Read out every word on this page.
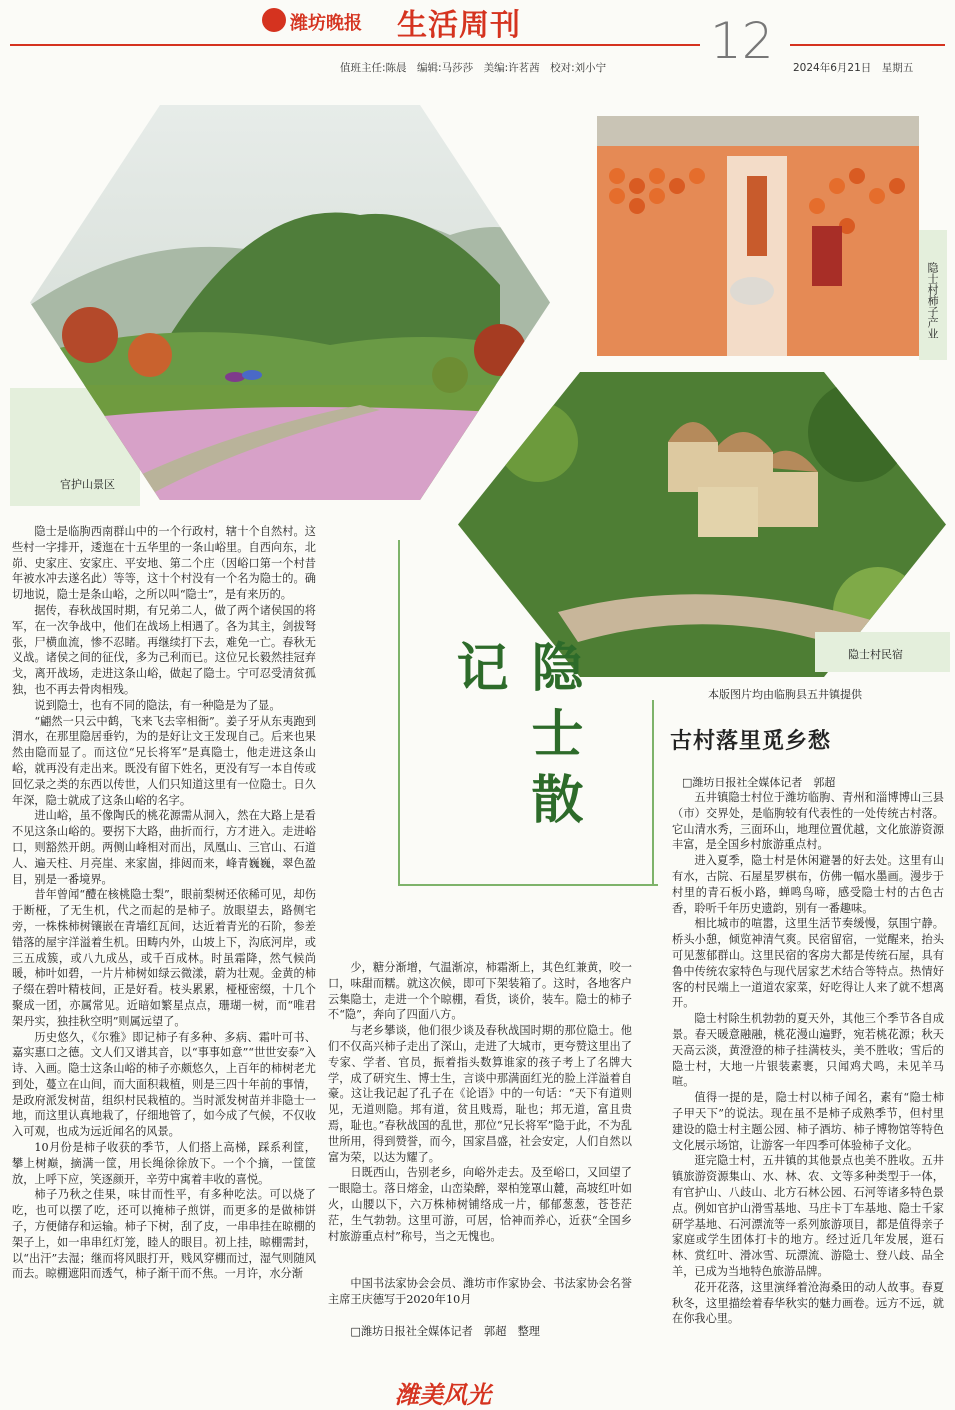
潍坊晚报 生活周刊	12
值班主任:陈晨　编辑:马莎莎　美编:许茗茜　校对:刘小宁	2024年6月21日　星期五
官护山景区
隐士村柿子产业
隐士村民宿
本版图片均由临朐县五井镇提供
隐士散记

隐士是临朐西南群山中的一个行政村，辖十个自然村。这些村一字排开，逶迤在十五华里的一条山峪里。自西向东，北峁、史家庄、安家庄、平安地、第二个庄（因峪口第一个村昔年被水冲去遂名此）等等，这十个村没有一个名为隐士的。确切地说，隐士是条山峪，之所以叫“隐士”，是有来历的。

据传，春秋战国时期，有兄弟二人，做了两个诸侯国的将军，在一次争战中，他们在战场上相遇了。各为其主，剑拔弩张，尸横血流，惨不忍睹。再继续打下去，难免一亡。春秋无义战。诸侯之间的征伐，多为己利而已。这位兄长毅然挂冠弃戈，离开战场，走进这条山峪，做起了隐士。宁可忍受清贫孤独，也不再去骨肉相残。

说到隐士，也有不同的隐法，有一种隐是为了显。

“翩然一只云中鹤，飞来飞去宰相衙”。姜子牙从东夷跑到渭水，在那里隐居垂钓，为的是好让文王发现自己。后来也果然由隐而显了。而这位“兄长将军”是真隐士，他走进这条山峪，就再没有走出来。既没有留下姓名，更没有写一本自传或回忆录之类的东西以传世，人们只知道这里有一位隐士。日久年深，隐士就成了这条山峪的名字。

进山峪，虽不像陶氏的桃花源需从洞入，然在大路上是看不见这条山峪的。要拐下大路，曲折而行，方才进入。走进峪口，则豁然开朗。两侧山峰相对而出，凤凰山、三官山、石道人、遍天柱、月亮崖、来家崮，排闼而来，峰青巍巍，翠色盈目，别是一番境界。

昔年曾闻“醴在核桃隐士梨”，眼前梨树还依稀可见，却伤于断桠，了无生机，代之而起的是柿子。放眼望去，路侧宅旁，一株株柿树镶嵌在青墙红瓦间，达近着青光的石阶，参差错落的屋宇洋溢着生机。田畴内外，山坡上下，沟底河岸，或三五成簇，或八九成丛，或千百成林。时虽霜降，然气候尚暖，柿叶如碧，一片片柿树如绿云微漾，蔚为壮观。金黄的柿子缀在碧叶精枝间，正是好看。枝头累累，桠桠密缀，十几个聚成一团，亦属常见。近暗如繁星点点，珊瑚一树，而“唯君架丹实，独挂秋空明”则属远望了。

历史悠久，《尔雅》即记柿子有多种、多病、霜叶可书、嘉实惠口之德。文人们又谱其音，以“事事如意”“世世安泰”入诗、入画。隐士这条山峪的柿子亦颇悠久，上百年的柿树老尤到处，蔓立在山间，而大面积栽植，则是三四十年前的事情，是政府派发树苗，组织村民栽植的。当时派发树苗并非隐士一地，而这里认真地栽了，仔细地管了，如今成了气候，不仅收入可观，也成为远近闻名的风景。

10月份是柿子收获的季节，人们搭上高梯，踩系利筐，攀上树巅，摘满一筐，用长绳徐徐放下。一个个摘，一筐筐放，上呼下应，笑逐颜开，辛劳中寓着丰收的喜悦。

柿子乃秋之佳果，味甘而性平，有多种吃法。可以烧了吃，也可以摆了吃，还可以掩柿子煎饼，而更多的是做柿饼子，方便储存和运输。柿子下树，刮了皮，一串串挂在晾棚的架子上，如一串串红灯笼，睦人的眼目。初上挂，晾棚需封，以“出汗”去湿；继而将风眼打开，贱风穿棚而过，湿气则随风而去。晾棚遮阳而透气，柿子渐干而不焦。一月许，水分渐

少，糖分渐增，气温渐凉，柿霜渐上，其色红兼黄，咬一口，味甜而糯。就这次候，即可下架装箱了。这时，各地客户云集隐士，走进一个个晾棚，看货，谈价，装车。隐士的柿子不“隐”，奔向了四面八方。

与老乡攀谈，他们很少谈及春秋战国时期的那位隐士。他们不仅高兴柿子走出了深山，走进了大城市，更夸赞这里出了专家、学者、官员，振着指头数算谁家的孩子考上了名牌大学，成了研究生、博士生，言谈中那满面红光的脸上洋溢着自豪。这让我记起了孔子在《论语》中的一句话：“天下有道则见，无道则隐。邦有道，贫且贱焉，耻也；邦无道，富且贵焉，耻也。”春秋战国的乱世，那位“兄长将军”隐于此，不为乱世所用，得到赞誉，而今，国家昌盛，社会安定，人们自然以富为荣，以达为耀了。

日既西山，告别老乡，向峪外走去。及至峪口，又回望了一眼隐士。落日熔金，山峦染醉，翠柏笼罩山麓，高坡红叶如火，山腰以下，六万株柿树铺络成一片，郁郁葱葱，苍苍茫茫，生气勃勃。这里可游，可居，恰神而养心，近获“全国乡村旅游重点村”称号，当之无愧也。

中国书法家协会会员、潍坊市作家协会、书法家协会名誉主席王庆德写于2020年10月

□潍坊日报社全媒体记者　郭超　整理

潍美风光
古村落里觅乡愁
□潍坊日报社全媒体记者　郭超

五井镇隐士村位于潍坊临朐、青州和淄博博山三县（市）交界处，是临朐较有代表性的一处传统古村落。它山清水秀，三面环山，地理位置优越，文化旅游资源丰富，是全国乡村旅游重点村。

进入夏季，隐士村是休闲避暑的好去处。这里有山有水，古院、石屋星罗棋布，仿佛一幅水墨画。漫步于村里的青石板小路，蝉鸣鸟啼，感受隐士村的古色古香，聆听千年历史遗韵，别有一番趣味。

相比城市的喧嚣，这里生活节奏缓慢，氛围宁静。桥头小憩，倾览神清气爽。民宿留宿，一觉醒来，抬头可见葱郁群山。这里民宿的客房大都是传统石屋，具有鲁中传统农家特色与现代居家艺术结合等特点。热情好客的村民端上一道道农家菜，好吃得让人来了就不想离开。

隐士村除生机勃勃的夏天外，其他三个季节各自成景。春天暖意融融，桃花漫山遍野，宛若桃花源；秋天天高云淡，黄澄澄的柿子挂满枝头，美不胜收；雪后的隐士村，大地一片银装素裹，只闻鸡犬鸣，未见羊马喧。

值得一提的是，隐士村以柿子闻名，素有“隐士柿子甲天下”的说法。现在虽不是柿子成熟季节，但村里建设的隐士村主题公园、柿子酒坊、柿子博物馆等特色文化展示场馆，让游客一年四季可体验柿子文化。

逛完隐士村，五井镇的其他景点也美不胜收。五井镇旅游资源集山、水、林、农、文等多种类型于一体，有官护山、八歧山、北方石林公园、石河等诸多特色景点。例如官护山滑雪基地、马庄卡丁车基地、隐士千家研学基地、石河漂流等一系列旅游项目，都是值得亲子家庭或学生团体打卡的地方。经过近几年发展，逛石林、赏红叶、滑冰雪、玩漂流、游隐士、登八歧、品全羊，已成为当地特色旅游品牌。

花开花落，这里演绎着沧海桑田的动人故事。春夏秋冬，这里描绘着春华秋实的魅力画卷。远方不远，就在你我心里。
